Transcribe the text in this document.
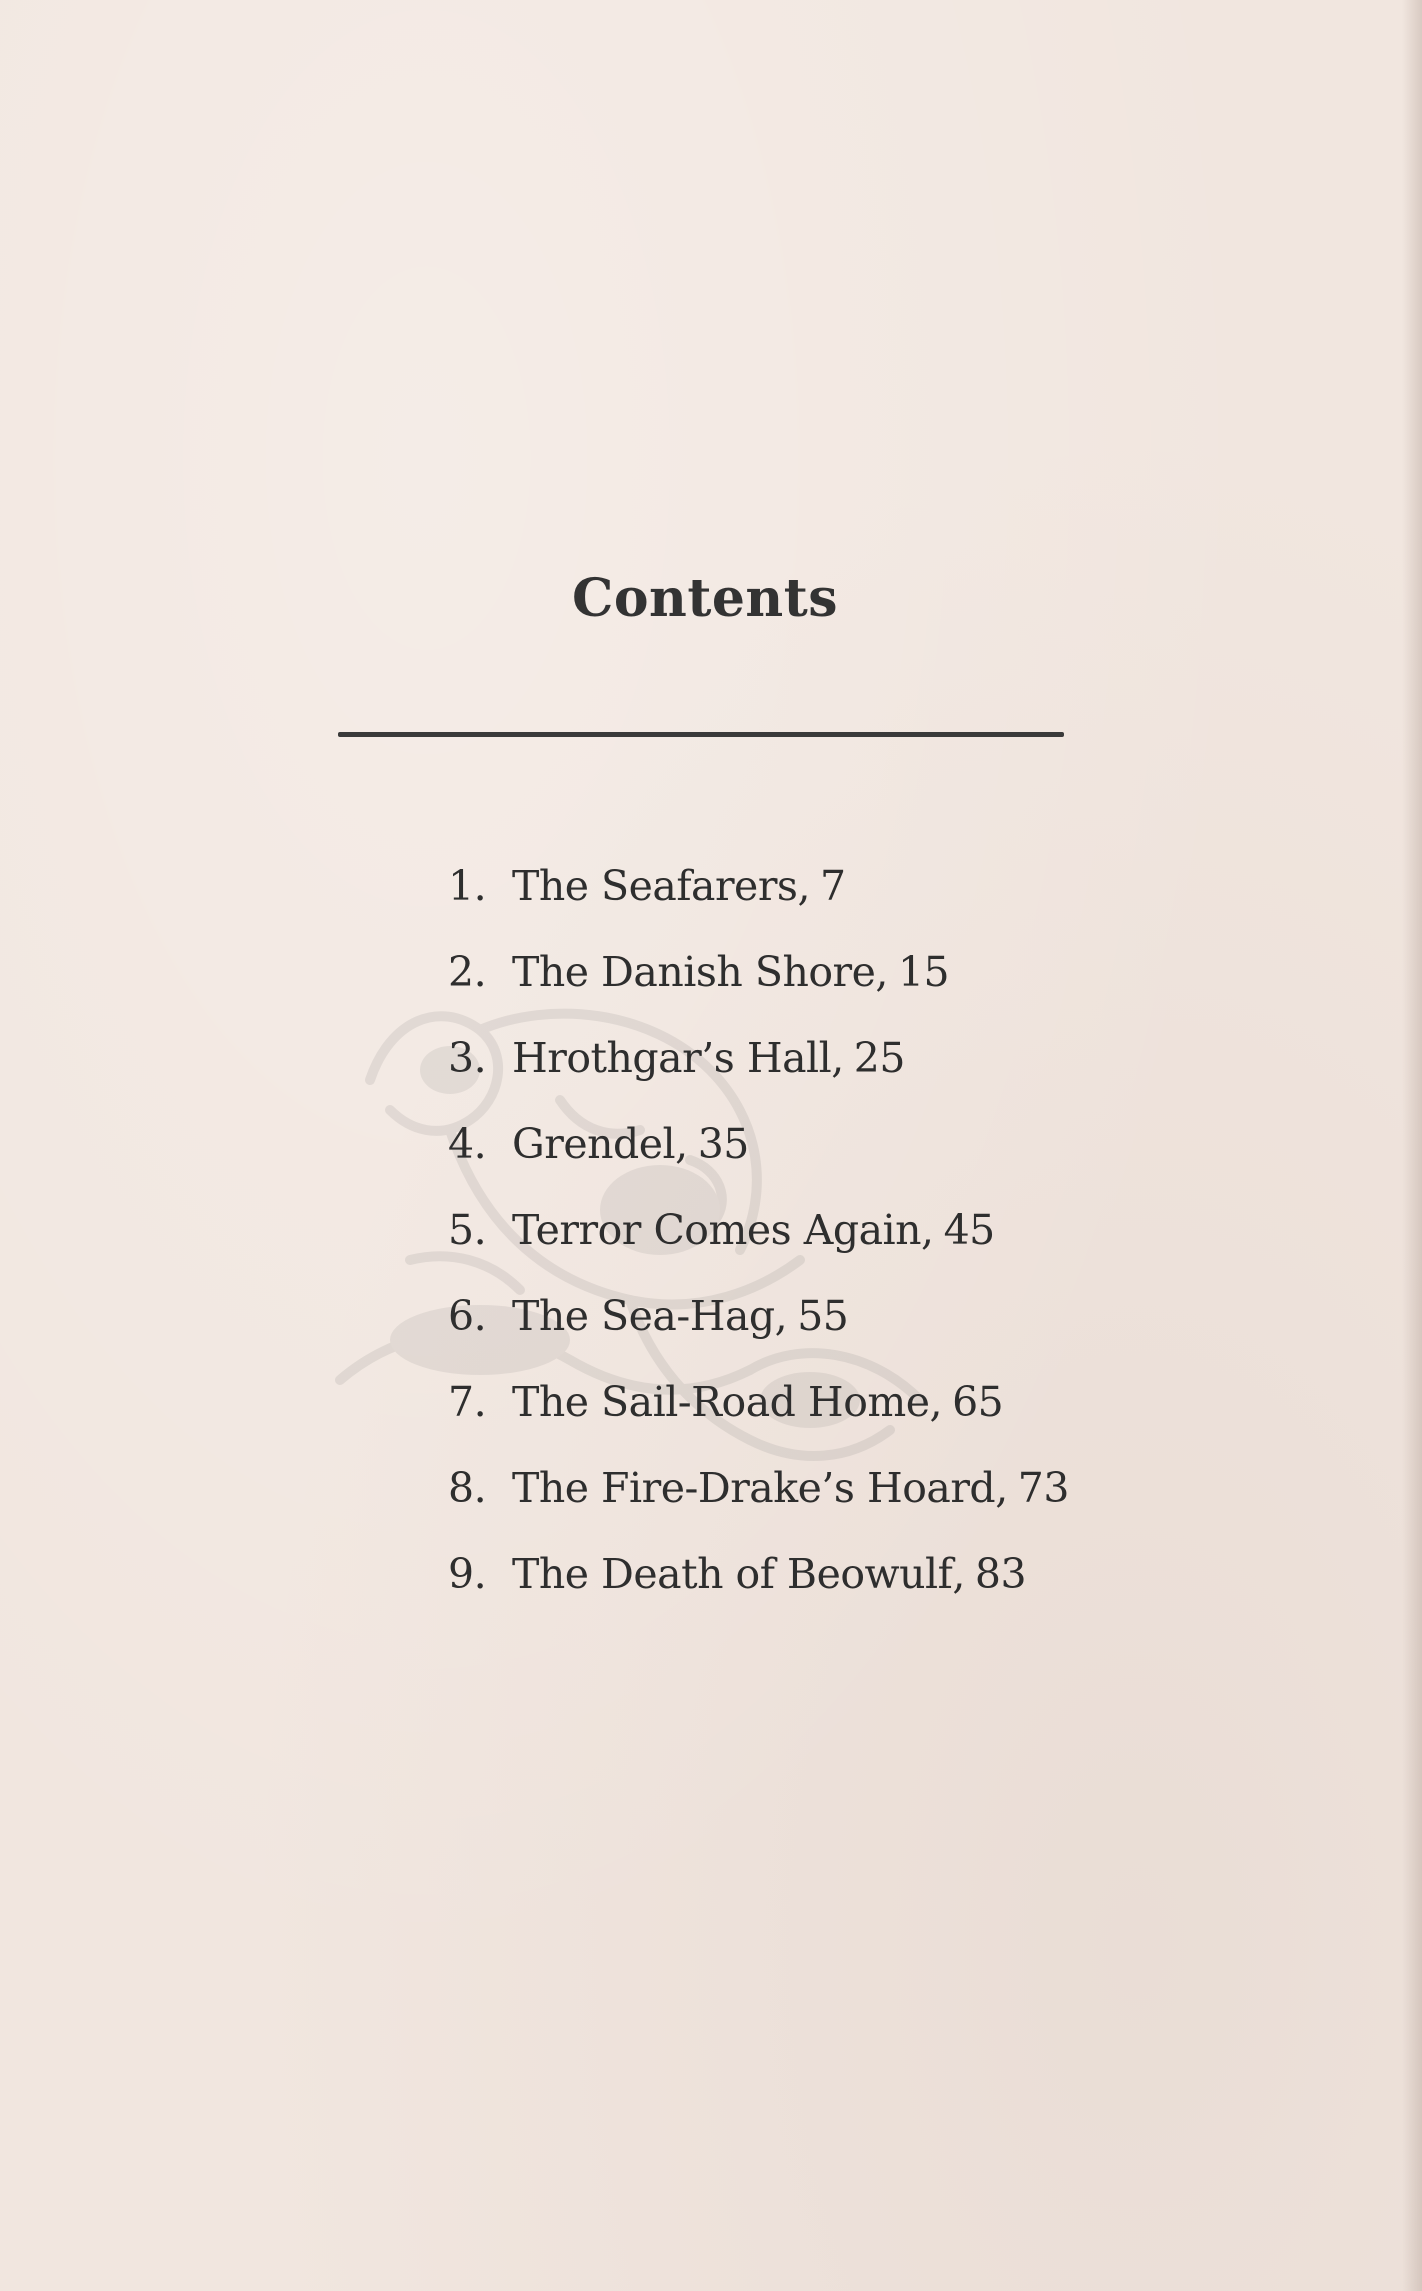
Contents
1. The Seafarers , 7
2. The Danish Shore , 15
3. Hrothgar’s Hall , 25
4. Grendel , 35
5. Terror Comes Again , 45
6. The Sea-Hag , 55
7. The Sail-Road Home , 65
8. The Fire-Drake’s Hoard , 73
9. The Death of Beowulf , 83
